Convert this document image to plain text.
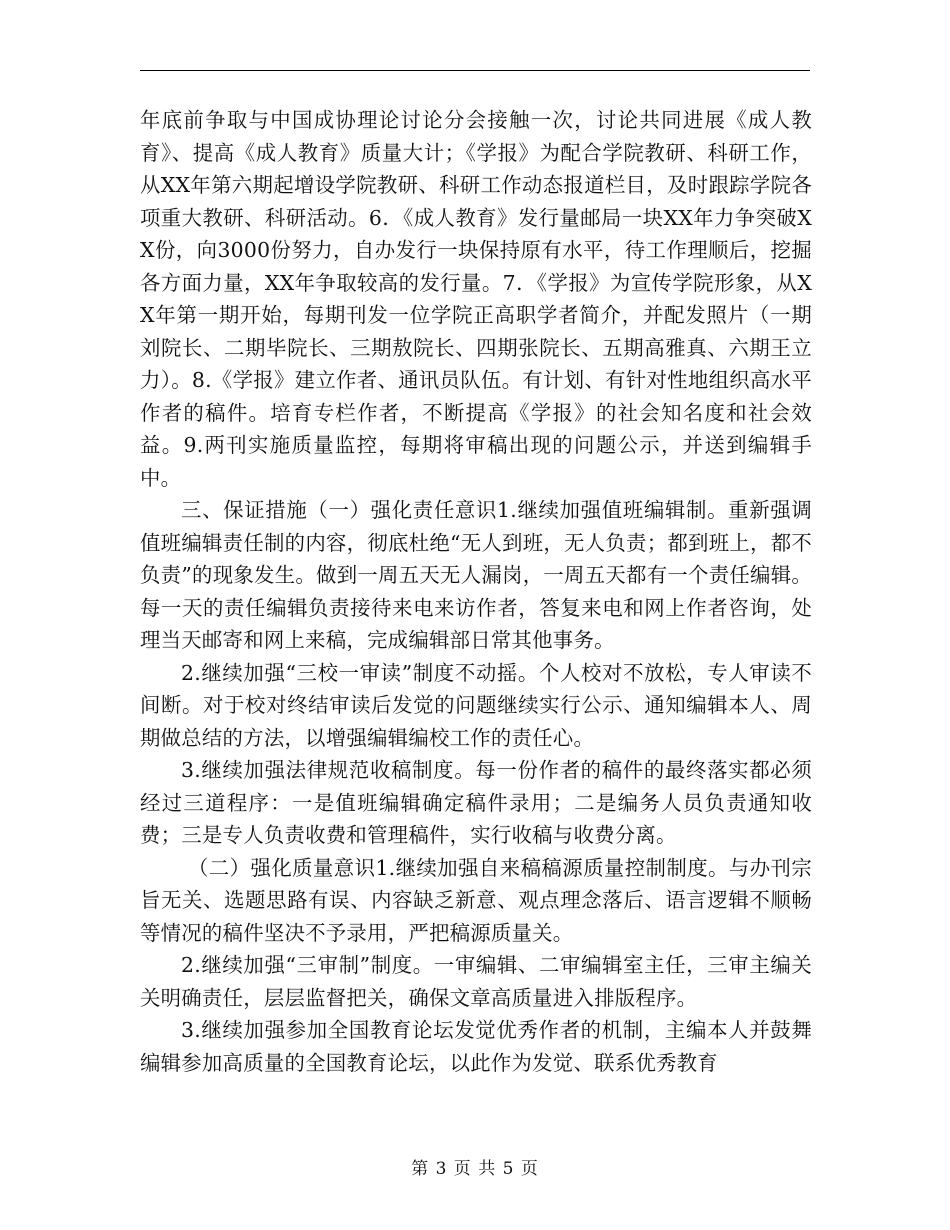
年底前争取与中国成协理论讨论分会接触一次，讨论共同进展《成人教育》、提高《成人教育》质量大计；《学报》为配合学院教研、科研工作，从XX年第六期起增设学院教研、科研工作动态报道栏目，及时跟踪学院各项重大教研、科研活动。6．《成人教育》发行量邮局一块XX年力争突破XX份，向3000份努力，自办发行一块保持原有水平，待工作理顺后，挖掘各方面力量，XX年争取较高的发行量。7．《学报》为宣传学院形象，从XX年第一期开始，每期刊发一位学院正高职学者简介，并配发照片（一期刘院长、二期毕院长、三期敖院长、四期张院长、五期高雅真、六期王立力）。8.《学报》建立作者、通讯员队伍。有计划、有针对性地组织高水平作者的稿件。培育专栏作者，不断提高《学报》的社会知名度和社会效益。9.两刊实施质量监控，每期将审稿出现的问题公示，并送到编辑手中。

三、保证措施（一）强化责任意识1.继续加强值班编辑制。重新强调值班编辑责任制的内容，彻底杜绝“无人到班，无人负责；都到班上，都不负责”的现象发生。做到一周五天无人漏岗，一周五天都有一个责任编辑。每一天的责任编辑负责接待来电来访作者，答复来电和网上作者咨询，处理当天邮寄和网上来稿，完成编辑部日常其他事务。

2.继续加强“三校一审读”制度不动摇。个人校对不放松，专人审读不间断。对于校对终结审读后发觉的问题继续实行公示、通知编辑本人、周期做总结的方法，以增强编辑编校工作的责任心。

3.继续加强法律规范收稿制度。每一份作者的稿件的最终落实都必须经过三道程序：一是值班编辑确定稿件录用；二是编务人员负责通知收费；三是专人负责收费和管理稿件，实行收稿与收费分离。

（二）强化质量意识1.继续加强自来稿稿源质量控制制度。与办刊宗旨无关、选题思路有误、内容缺乏新意、观点理念落后、语言逻辑不顺畅等情况的稿件坚决不予录用，严把稿源质量关。

2.继续加强“三审制”制度。一审编辑、二审编辑室主任，三审主编关关明确责任，层层监督把关，确保文章高质量进入排版程序。

3.继续加强参加全国教育论坛发觉优秀作者的机制，主编本人并鼓舞编辑参加高质量的全国教育论坛，以此作为发觉、联系优秀教育

第 3 页 共 5 页
